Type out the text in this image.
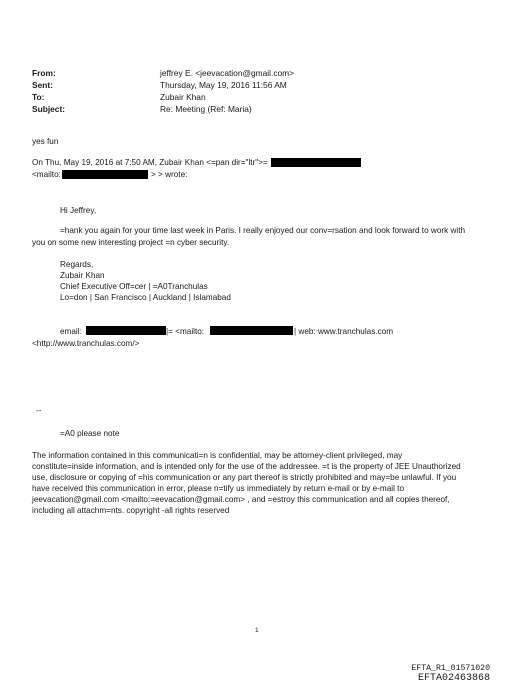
From:	jeffrey E. <jeevacation@gmail.com>
Sent:	Thursday, May 19, 2016 11:56 AM
To:	Zubair Khan
Subject:	Re: Meeting (Ref: Maria)
yes fun
On Thu, May 19, 2016 at 7:50 AM, Zubair Khan <=pan dir="ltr">=
<mailto:	> > wrote:
Hi Jeffrey,
=hank you again for your time last week in Paris. I really enjoyed our conv=rsation and look forward to work with
you on some new interesting project =n cyber security.
Regards,
Zubair Khan
Chief Executive Off=cer | =A0Tranchulas
Lo=don | San Francisco | Auckland | Islamabad
email:	|= <mailto:	| web: www.tranchulas.com
<http://www.tranchulas.com/>
--
=A0 please note
The information contained in this communicati=n is confidential, may be attorney-client privileged, may
constitute=inside information, and is intended only for the use of the addressee. =t is the property of JEE Unauthorized
use, disclosure or copying of =his communication or any part thereof is strictly prohibited and may=be unlawful. If you
have received this communication in error, please n=tify us immediately by return e-mail or by e-mail to
jeevacation@gmail.com <mailto:=eevacation@gmail.com> , and =estroy this communication and all copies thereof,
including all attachm=nts. copyright -all rights reserved
1
EFTA_R1_01571020
EFTA02463868
